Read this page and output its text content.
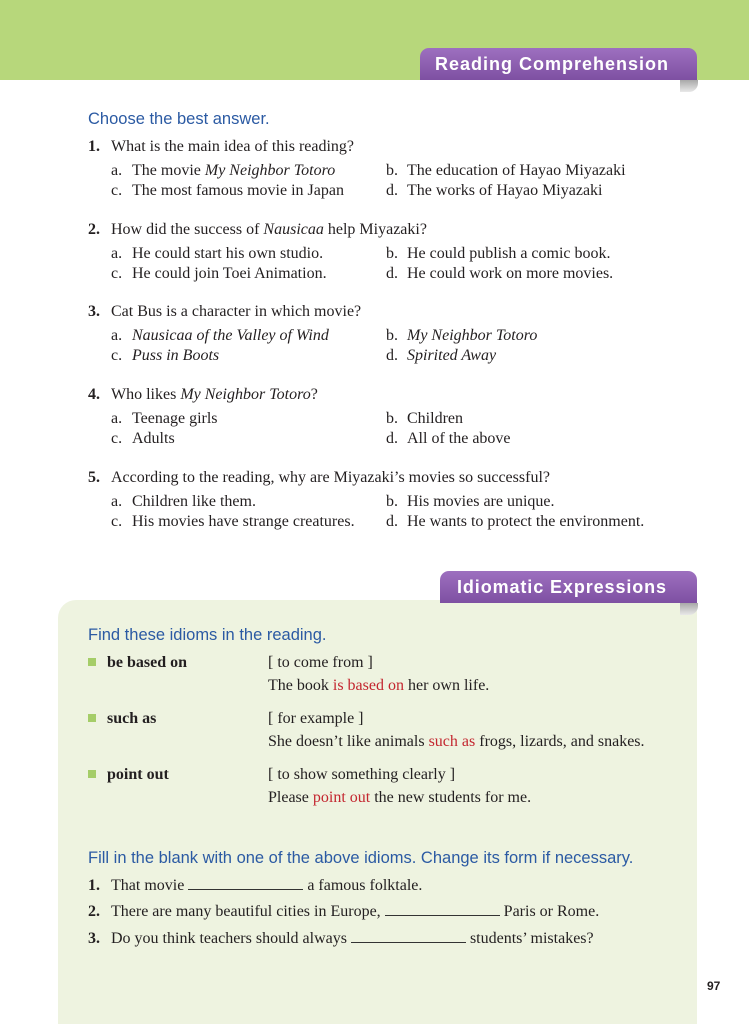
Reading Comprehension
Choose the best answer.
1. What is the main idea of this reading?
a. The movie My Neighbor Totoro	b. The education of Hayao Miyazaki
c. The most famous movie in Japan	d. The works of Hayao Miyazaki
2. How did the success of Nausicaa help Miyazaki?
a. He could start his own studio.	b. He could publish a comic book.
c. He could join Toei Animation.	d. He could work on more movies.
3. Cat Bus is a character in which movie?
a. Nausicaa of the Valley of Wind	b. My Neighbor Totoro
c. Puss in Boots	d. Spirited Away
4. Who likes My Neighbor Totoro?
a. Teenage girls	b. Children
c. Adults	d. All of the above
5. According to the reading, why are Miyazaki’s movies so successful?
a. Children like them.	b. His movies are unique.
c. His movies have strange creatures.	d. He wants to protect the environment.
Idiomatic Expressions
Find these idioms in the reading.
be based on	[ to come from ]
The book is based on her own life.
such as	[ for example ]
She doesn’t like animals such as frogs, lizards, and snakes.
point out	[ to show something clearly ]
Please point out the new students for me.
Fill in the blank with one of the above idioms. Change its form if necessary.
1. That movie	a famous folktale.
2. There are many beautiful cities in Europe,	Paris or Rome.
3. Do you think teachers should always	students’ mistakes?
97
